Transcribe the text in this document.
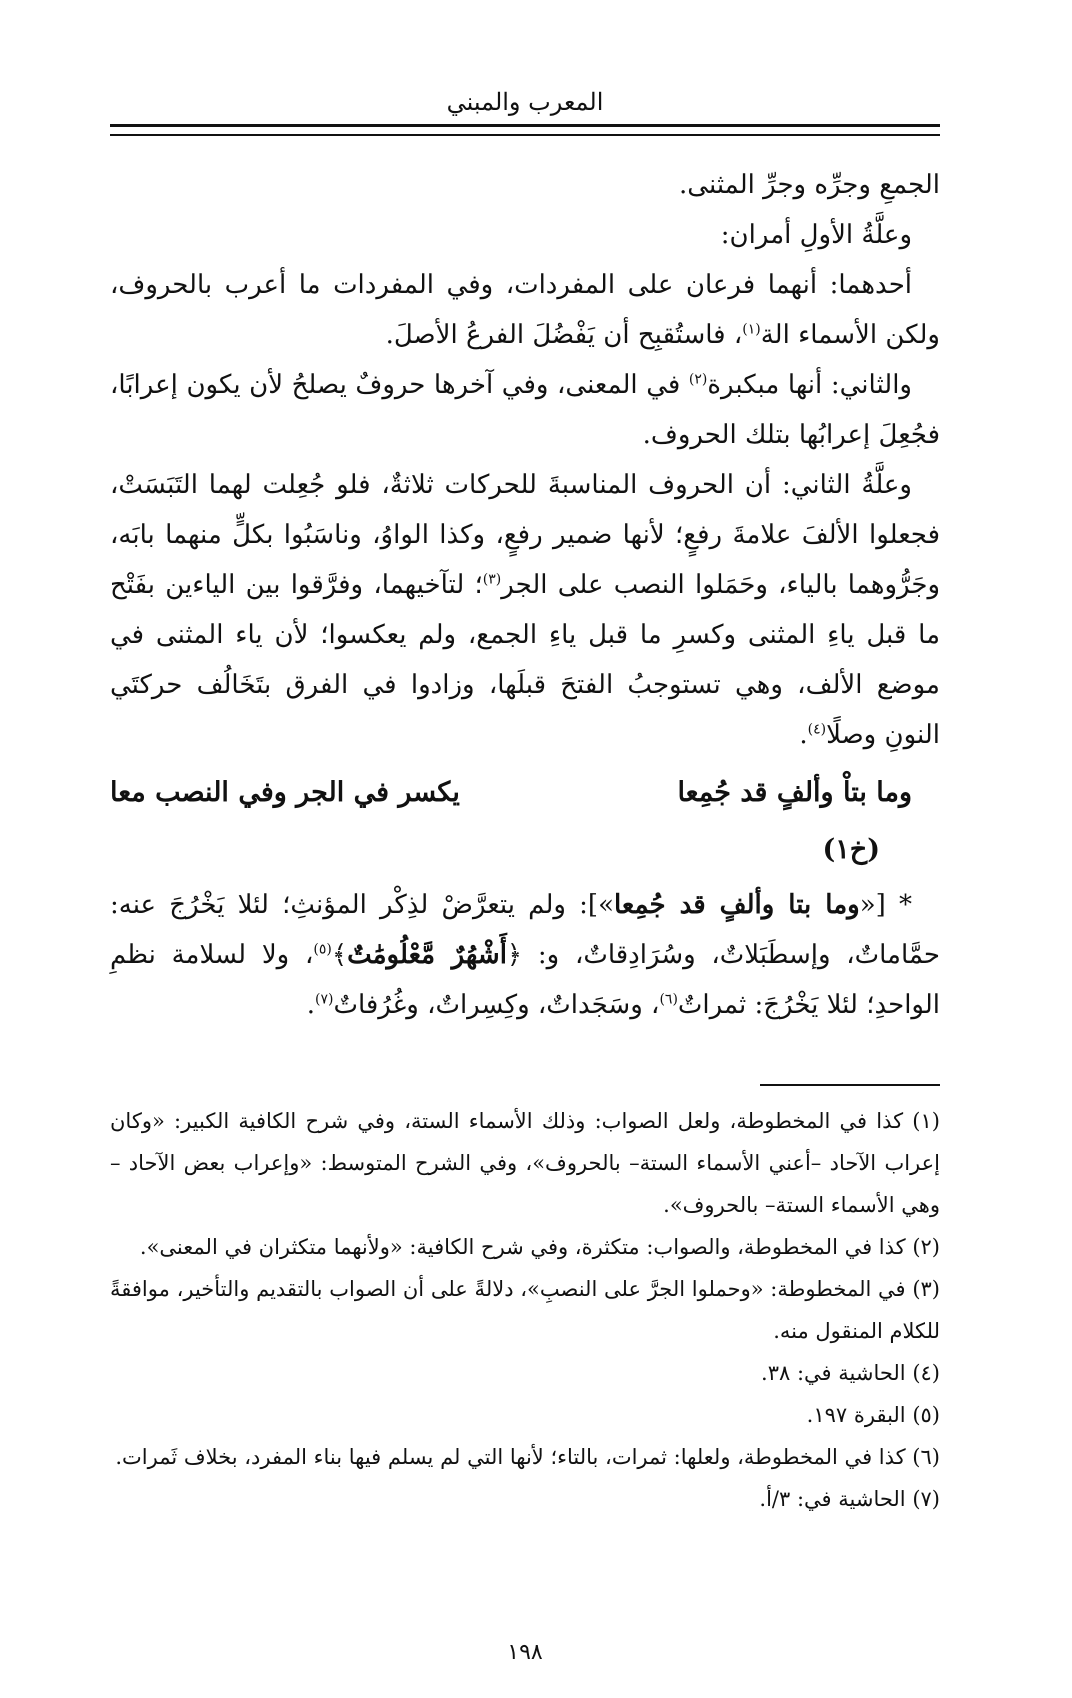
المعرب والمبني

الجمعِ وجرِّه وجرِّ المثنى.

وعلَّةُ الأولِ أمران:

أحدهما: أنهما فرعان على المفردات، وفي المفردات ما أعرب بالحروف، ولكن الأسماء الة$^{(١)}$، فاستُقبِح أن يَفْضُلَ الفرعُ الأصلَ.

والثاني: أنها مبكبرة$^{(٢)}$ في المعنى، وفي آخرها حروفٌ يصلحُ لأن يكون إعرابًا، فجُعِلَ إعرابُها بتلك الحروف.

وعلَّةُ الثاني: أن الحروف المناسبةَ للحركات ثلاثةٌ، فلو جُعِلت لهما التَبَسَتْ، فجعلوا الألفَ علامةَ رفعٍ؛ لأنها ضمير رفعٍ، وكذا الواوُ، وناسَبُوا بكلٍّ منهما بابَه، وجَرُّوهما بالياء، وحَمَلوا النصب على الجر$^{(٣)}$؛ لتآخيهما، وفرَّقوا بين الياءين بفَتْح ما قبل ياءِ المثنى وكسرِ ما قبل ياءِ الجمع، ولم يعكسوا؛ لأن ياء المثنى في موضع الألف، وهي تستوجبُ الفتحَ قبلَها، وزادوا في الفرق بتَخَالُف حركتَي النونِ وصلًا$^{(٤)}$.

وما بتاْ وألفٍ قد جُمِعا
يكسر في الجر وفي النصب معا
(خ١)

* [«وما بتا وألفٍ قد جُمِعا»]: ولم يتعرَّضْ لذِكْر المؤنثِ؛ لئلا يَخْرُجَ عنه: حمَّاماتٌ، وإسطَبَلاتٌ، وسُرَادِقاتٌ، و: ﴿أَشْهُرٌ مَّعْلُومَٰتٌ﴾$^{(٥)}$، ولا لسلامة نظمِ الواحدِ؛ لئلا يَخْرُجَ: ثمراتٌ$^{(٦)}$، وسَجَداتٌ، وكِسِراتٌ، وغُرُفاتٌ$^{(٧)}$.

(١) كذا في المخطوطة، ولعل الصواب: وذلك الأسماء الستة، وفي شرح الكافية الكبير: «وكان إعراب الآحاد –أعني الأسماء الستة– بالحروف»، وفي الشرح المتوسط: «وإعراب بعض الآحاد – وهي الأسماء الستة– بالحروف».

(٢) كذا في المخطوطة، والصواب: متكثرة، وفي شرح الكافية: «ولأنهما متكثران في المعنى».

(٣) في المخطوطة: «وحملوا الجرَّ على النصبِ»، دلالةً على أن الصواب بالتقديم والتأخير، موافقةً للكلام المنقول منه.

(٤) الحاشية في: ٣٨.

(٥) البقرة ١٩٧.

(٦) كذا في المخطوطة، ولعلها: ثمرات، بالتاء؛ لأنها التي لم يسلم فيها بناء المفرد، بخلاف ثَمرات.

(٧) الحاشية في: ٣/أ.

١٩٨
